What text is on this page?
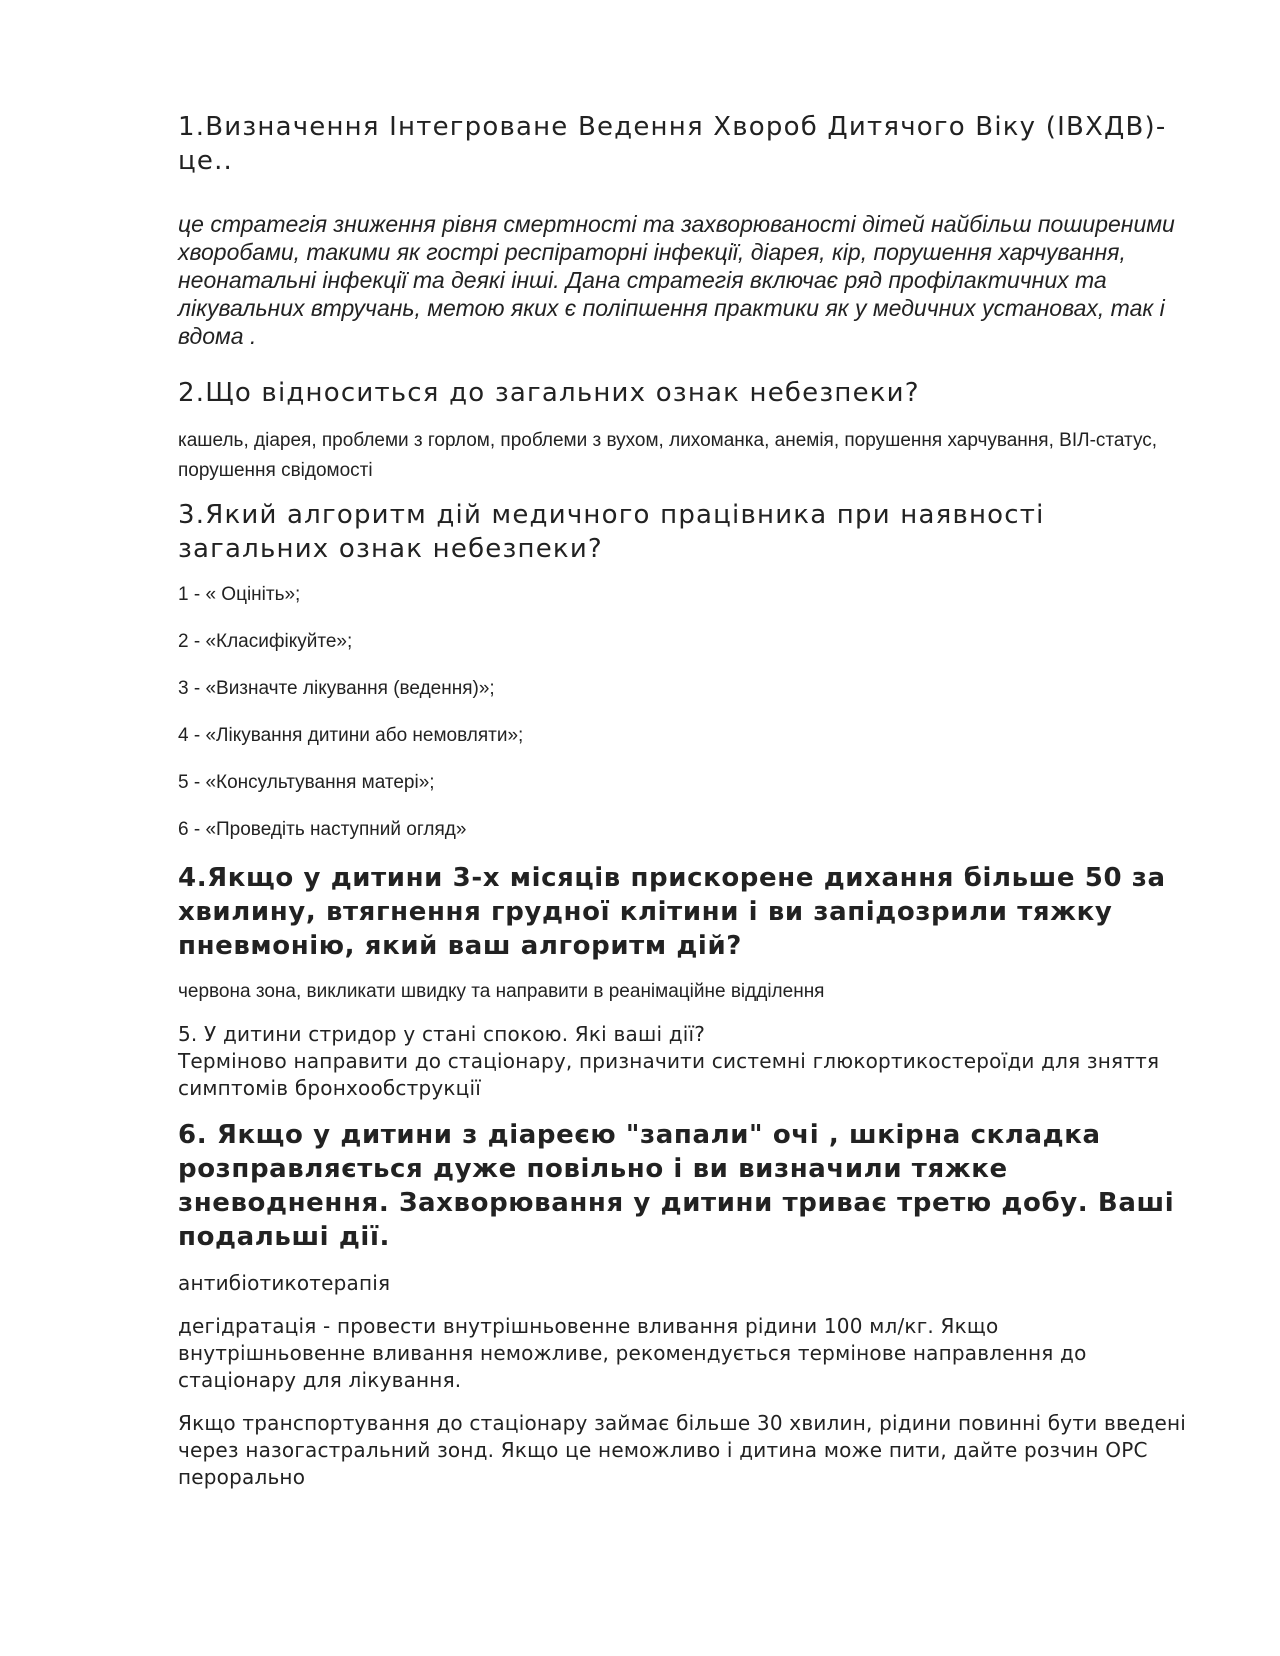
1.Визначення Інтегроване Ведення Хвороб Дитячого Віку (ІВХДВ)-це..

це стратегія зниження рівня смертності та захворюваності дітей найбільш поширеними хворобами, такими як гострі респіраторні інфекції, діарея, кір, порушення харчування, неонатальні інфекції та деякі інші. Дана стратегія включає ряд профілактичних та лікувальних втручань, метою яких є поліпшення практики як у медичних установах, так і вдома .

2.Що відноситься до загальних ознак небезпеки?

кашель, діарея, проблеми з горлом, проблеми з вухом, лихоманка, анемія, порушення харчування, ВІЛ-статус, порушення свідомості

3.Який алгоритм дій медичного працівника при наявності загальних ознак небезпеки?
1 - « Оцініть»;
2 - «Класифікуйте»;
3 - «Визначте лікування (ведення)»;
4 - «Лікування дитини або немовляти»;
5 - «Консультування матері»;
6 - «Проведіть наступний огляд»
4.Якщо у дитини 3-х місяців прискорене дихання більше 50 за хвилину, втягнення грудної клітини і ви запідозрили тяжку пневмонію, який ваш алгоритм дій?

червона зона, викликати швидку та направити в реанімаційне відділення

5. У дитини стридор у стані спокою. Які ваші дії?

Терміново направити до стаціонару, призначити системні глюкортикостероїди для зняття симптомів бронхообструкції

6. Якщо у дитини з діареєю "запали" очі , шкірна складка розправляється дуже повільно і ви визначили тяжке зневоднення. Захворювання у дитини триває третю добу. Ваші подальші дії.

антибіотикотерапія

дегідратація - провести внутрішньовенне вливання рідини 100 мл/кг. Якщо внутрішньовенне вливання неможливе, рекомендується термінове направлення до стаціонару для лікування.

Якщо транспортування до стаціонару займає більше 30 хвилин, рідини повинні бути введені через назогастральний зонд. Якщо це неможливо і дитина може пити, дайте розчин ОРС перорально
